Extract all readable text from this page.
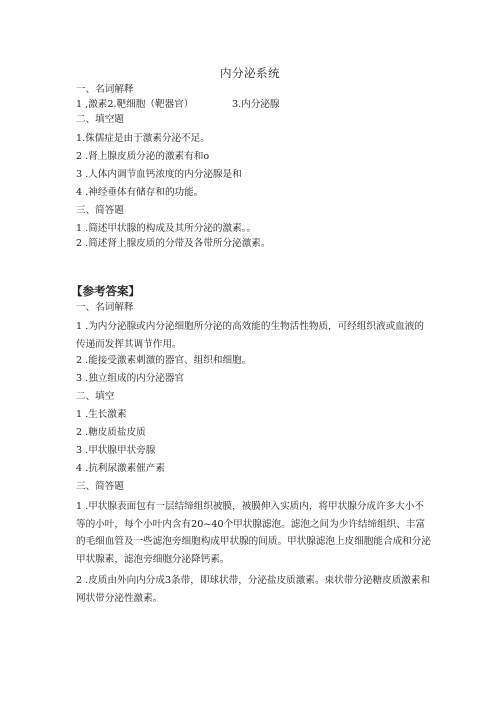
内分泌系统
一、名词解释
1 ,激素2.靶细胞（靶器官）	3.内分泌腺
二、填空题
1.侏儒症是由于激素分泌不足。
2 .肾上腺皮质分泌的激素有和o
3 .人体内调节血钙浓度的内分泌腺是和
4 .神经垂体有储存和的功能。
三、简答题
1 .简述甲状腺的构成及其所分泌的激素。。
2 .简述肾上腺皮质的分带及各带所分泌激素。
【参考答案】
一、名词解释
1 .为内分泌腺或内分泌细胞所分泌的高效能的生物活性物质，可经组织液或血液的传递而发挥其调节作用。
2 .能接受激素刺激的器官、组织和细胞。
3 .独立组成的内分泌器官
二、填空
1 .生长激素
2 .糖皮质盐皮质
3 .甲状腺甲状旁腺
4 .抗利尿激素催产素
三、简答题
1 .甲状腺表面包有一层结缔组织被膜，被膜伸入实质内，将甲状腺分成许多大小不等的小叶，每个小叶内含有20~40个甲状腺滤泡。滤泡之间为少许结缔组织、丰富的毛细血管及一些滤泡旁细胞构成甲状腺的间质。甲状腺滤泡上皮细胞能合成和分泌甲状腺素，滤泡旁细胞分泌降钙素。
2 .皮质由外向内分成3条带，即球状带，分泌盐皮质激素。束状带分泌糖皮质激素和网状带分泌性激素。
